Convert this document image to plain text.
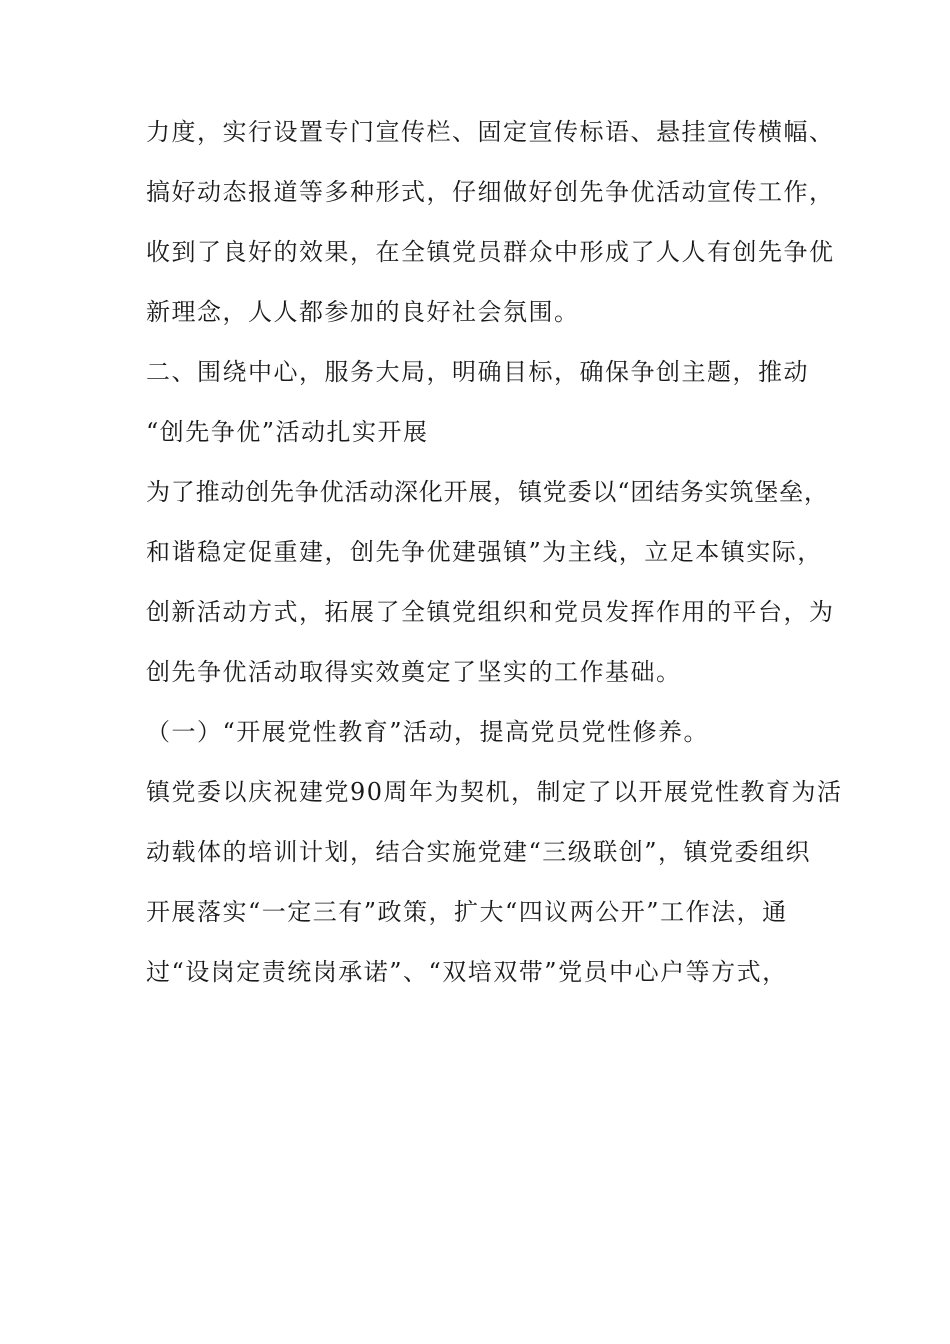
力度，实行设置专门宣传栏、固定宣传标语、悬挂宣传横幅、
搞好动态报道等多种形式，仔细做好创先争优活动宣传工作，
收到了良好的效果，在全镇党员群众中形成了人人有创先争优
新理念，人人都参加的良好社会氛围。
二、围绕中心，服务大局，明确目标，确保争创主题，推动
“创先争优”活动扎实开展
为了推动创先争优活动深化开展，镇党委以“团结务实筑堡垒，
和谐稳定促重建，创先争优建强镇”为主线，立足本镇实际，
创新活动方式，拓展了全镇党组织和党员发挥作用的平台，为
创先争优活动取得实效奠定了坚实的工作基础。
（一）“开展党性教育”活动，提高党员党性修养。
镇党委以庆祝建党90周年为契机，制定了以开展党性教育为活
动载体的培训计划，结合实施党建“三级联创”，镇党委组织
开展落实“一定三有”政策，扩大“四议两公开”工作法，通
过“设岗定责统岗承诺”、“双培双带”党员中心户等方式，
